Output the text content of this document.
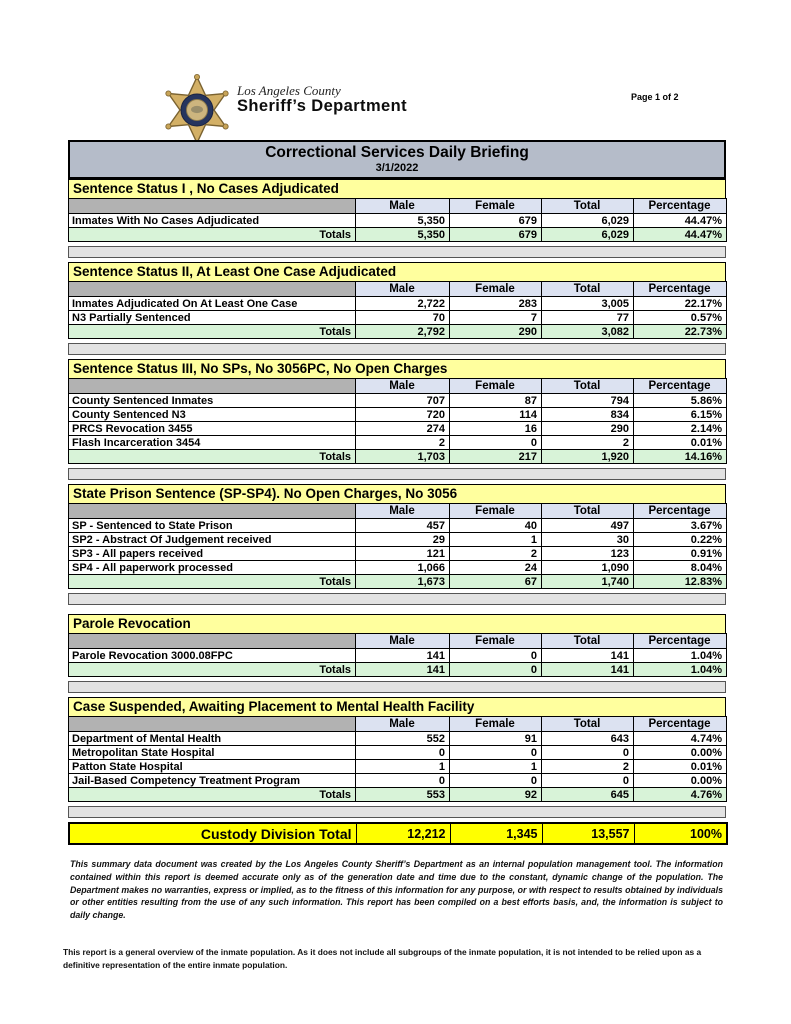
Los Angeles County
Sheriff’s Department	Page 1 of 2
Correctional Services Daily Briefing
3/1/2022
Sentence Status I , No Cases Adjudicated
	Male	Female	Total	Percentage
Inmates With No Cases Adjudicated	5,350	679	6,029	44.47%
Totals	5,350	679	6,029	44.47%
Sentence Status II, At Least One Case Adjudicated
	Male	Female	Total	Percentage
Inmates Adjudicated On At Least One Case	2,722	283	3,005	22.17%
N3 Partially Sentenced	70	7	77	0.57%
Totals	2,792	290	3,082	22.73%
Sentence Status III, No SPs, No 3056PC, No Open Charges
	Male	Female	Total	Percentage
County Sentenced Inmates	707	87	794	5.86%
County Sentenced N3	720	114	834	6.15%
PRCS Revocation 3455	274	16	290	2.14%
Flash Incarceration 3454	2	0	2	0.01%
Totals	1,703	217	1,920	14.16%
State Prison Sentence (SP-SP4). No Open Charges, No 3056
	Male	Female	Total	Percentage
SP - Sentenced to State Prison	457	40	497	3.67%
SP2 - Abstract Of Judgement received	29	1	30	0.22%
SP3 - All papers received	121	2	123	0.91%
SP4 - All paperwork processed	1,066	24	1,090	8.04%
Totals	1,673	67	1,740	12.83%
Parole Revocation
	Male	Female	Total	Percentage
Parole Revocation 3000.08FPC	141	0	141	1.04%
Totals	141	0	141	1.04%
Case Suspended, Awaiting Placement to Mental Health Facility
	Male	Female	Total	Percentage
Department of Mental Health	552	91	643	4.74%
Metropolitan State Hospital	0	0	0	0.00%
Patton State Hospital	1	1	2	0.01%
Jail-Based Competency Treatment Program	0	0	0	0.00%
Totals	553	92	645	4.76%
Custody Division Total	12,212	1,345	13,557	100%
This summary data document was created by the Los Angeles County Sheriff’s Department as an internal population management tool. The information contained within this report is deemed accurate only as of the generation date and time due to the constant, dynamic change of the population. The Department makes no warranties, express or implied, as to the fitness of this information for any purpose, or with respect to results obtained by individuals or other entities resulting from the use of any such information. This report has been compiled on a best efforts basis, and, the information is subject to daily change.
This report is a general overview of the inmate population. As it does not include all subgroups of the inmate population, it is not intended to be relied upon as a definitive representation of the entire inmate population.
